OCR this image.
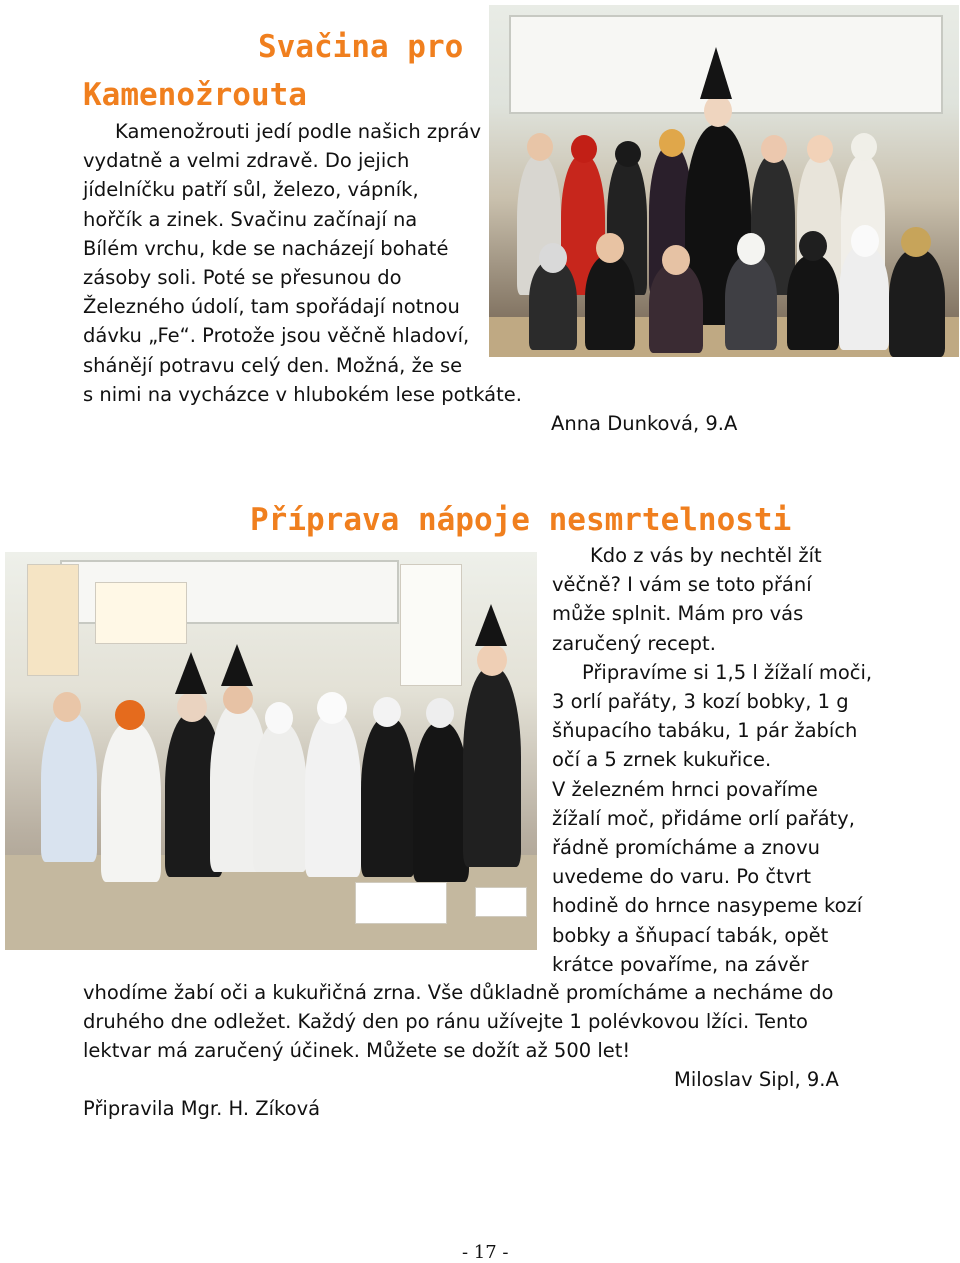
Svačina pro
Kamenožrouta
Kamenožrouti jedí podle našich zpráv
vydatně a velmi zdravě. Do jejich
jídelníčku patří sůl, železo, vápník,
hořčík a zinek. Svačinu začínají na
Bílém vrchu, kde se nacházejí bohaté
zásoby soli. Poté se přesunou do
Železného údolí, tam spořádají notnou
dávku „Fe“. Protože jsou věčně hladoví,
shánějí potravu celý den. Možná, že se
s nimi na vycházce v hlubokém lese potkáte.
Anna Dunková, 9.A
Příprava nápoje nesmrtelnosti
Kdo z vás by nechtěl žít
věčně? I vám se toto přání
může splnit. Mám pro vás
zaručený recept.
Připravíme si 1,5 l žížalí moči,
3 orlí pařáty, 3 kozí bobky, 1 g
šňupacího tabáku, 1 pár žabích
očí a 5 zrnek kukuřice.
V železném hrnci povaříme
žížalí moč, přidáme orlí pařáty,
řádně promícháme a znovu
uvedeme do varu. Po čtvrt
hodině do hrnce nasypeme kozí
bobky a šňupací tabák, opět
krátce povaříme, na závěr
vhodíme žabí oči a kukuřičná zrna. Vše důkladně promícháme a necháme do
druhého dne odležet. Každý den po ránu užívejte 1 polévkovou lžíci. Tento
lektvar má zaručený účinek. Můžete se dožít až 500 let!
Miloslav Sipl, 9.A
Připravila Mgr. H. Zíková
- 17 -
